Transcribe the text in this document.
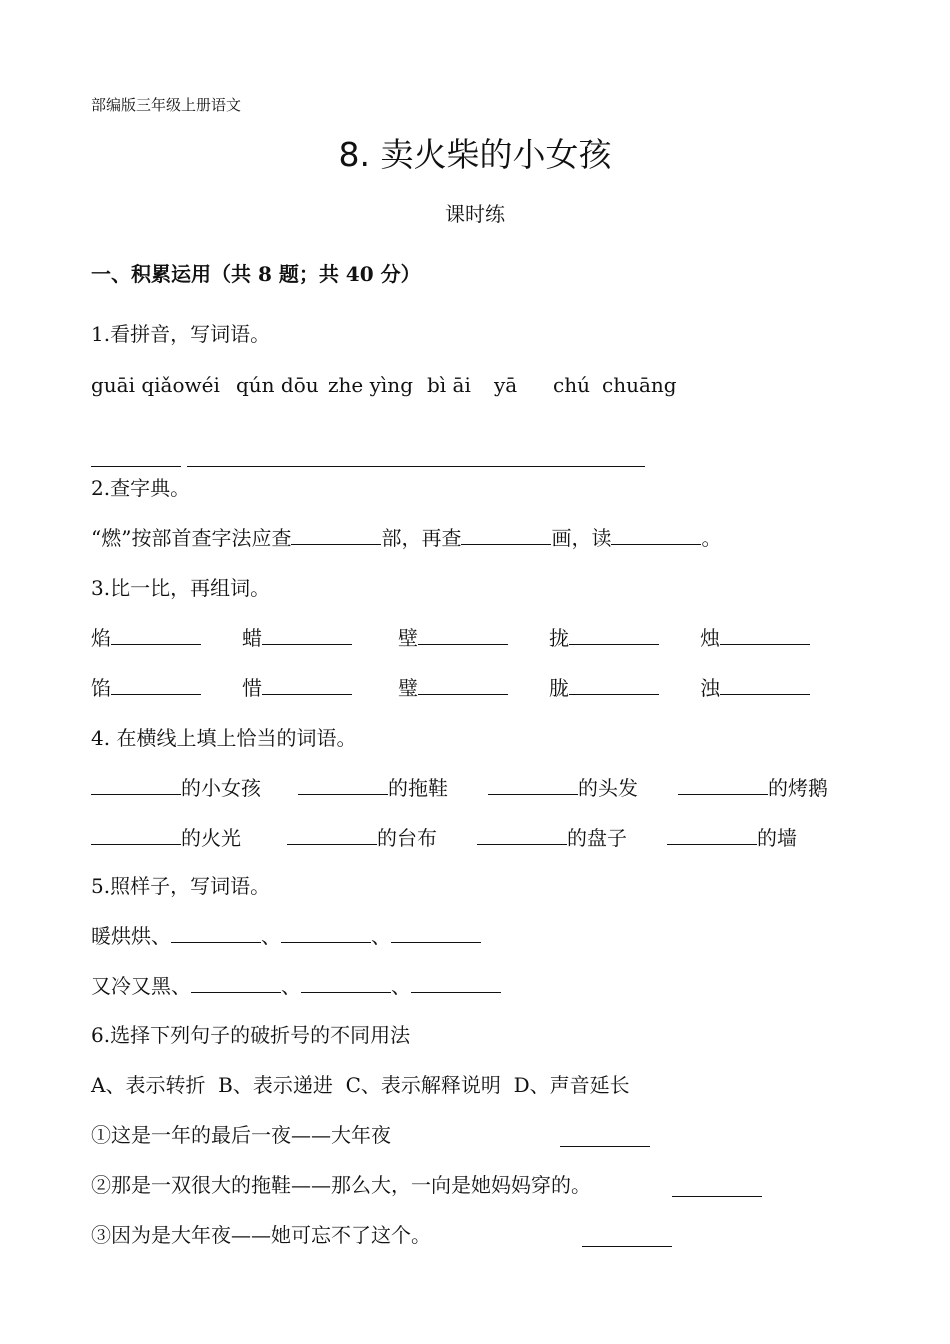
部编版三年级上册语文
8. 卖火柴的小女孩
课时练
一、积累运用（共 8 题；共 40 分）
1.看拼音，写词语。
guāi qiǎowéi qún dōu zhe yìng bì āi yā chú chuāng
2.查字典。
“燃”按部首查字法应查	部，再查	画，读	。
3.比一比，再组词。
焰	蜡	壁	拢	烛
馅	惜	璧	胧	浊
4. 在横线上填上恰当的词语。
的小女孩	的拖鞋	的头发	的烤鹅
的火光	的台布	的盘子	的墙
5.照样子，写词语。
暖烘烘、	、	、
又冷又黑、	、	、
6.选择下列句子的破折号的不同用法
A、表示转折  B、表示递进  C、表示解释说明  D、声音延长
①这是一年的最后一夜——大年夜
②那是一双很大的拖鞋——那么大，一向是她妈妈穿的。
③因为是大年夜——她可忘不了这个。
